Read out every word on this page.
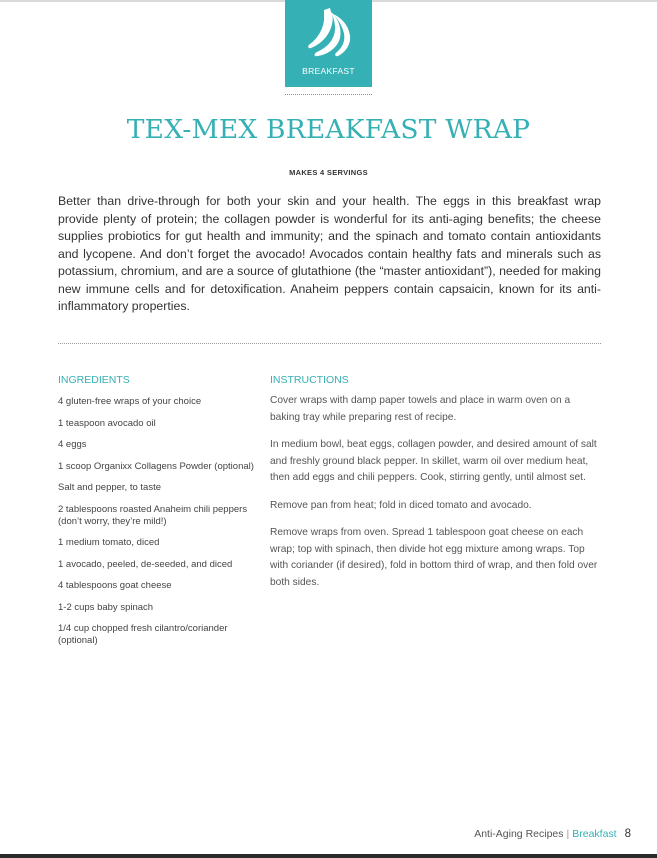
BREAKFAST
TEX-MEX BREAKFAST WRAP
MAKES 4 SERVINGS

Better than drive-through for both your skin and your health. The eggs in this breakfast wrap provide plenty of protein; the collagen powder is wonderful for its anti-aging benefits; the cheese supplies probiotics for gut health and immunity; and the spinach and tomato contain antioxidants and lycopene. And don’t forget the avocado! Avocados contain healthy fats and minerals such as potassium, chromium, and are a source of glutathione (the “master antioxidant”), needed for making new immune cells and for detoxification. Anaheim peppers contain capsaicin, known for its anti-inflammatory properties.

INGREDIENTS
4 gluten-free wraps of your choice
1 teaspoon avocado oil
4 eggs
1 scoop Organixx Collagens Powder (optional)
Salt and pepper, to taste
2 tablespoons roasted Anaheim chili peppers (don’t worry, they’re mild!)
1 medium tomato, diced
1 avocado, peeled, de-seeded, and diced
4 tablespoons goat cheese
1-2 cups baby spinach
1/4 cup chopped fresh cilantro/coriander (optional)
INSTRUCTIONS

Cover wraps with damp paper towels and place in warm oven on a baking tray while preparing rest of recipe.

In medium bowl, beat eggs, collagen powder, and desired amount of salt and freshly ground black pepper. In skillet, warm oil over medium heat, then add eggs and chili peppers. Cook, stirring gently, until almost set.

Remove pan from heat; fold in diced tomato and avocado.

Remove wraps from oven. Spread 1 tablespoon goat cheese on each wrap; top with spinach, then divide hot egg mixture among wraps. Top with coriander (if desired), fold in bottom third of wrap, and then fold over both sides.

Anti-Aging Recipes | Breakfast 8
